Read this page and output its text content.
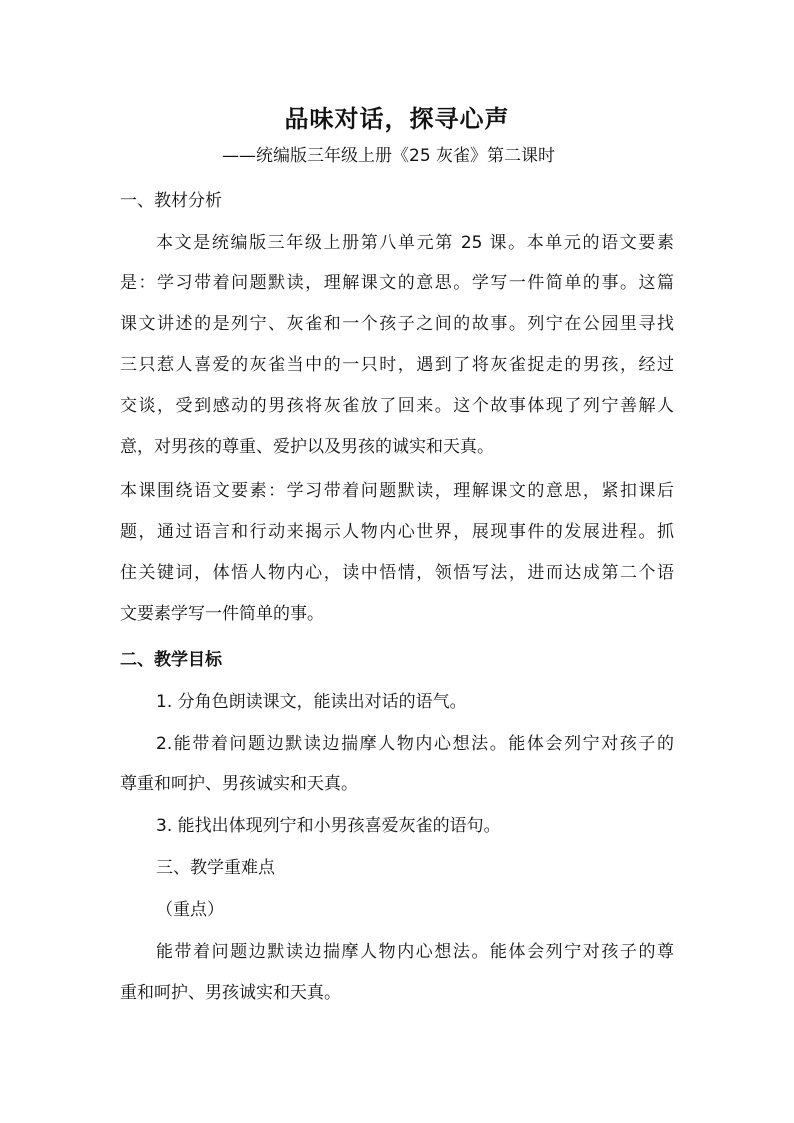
品味对话，探寻心声
——统编版三年级上册《25 灰雀》第二课时
一、教材分析
本文是统编版三年级上册第八单元第 25 课。本单元的语文要素
是：学习带着问题默读，理解课文的意思。学写一件简单的事。这篇
课文讲述的是列宁、灰雀和一个孩子之间的故事。列宁在公园里寻找
三只惹人喜爱的灰雀当中的一只时，遇到了将灰雀捉走的男孩，经过
交谈，受到感动的男孩将灰雀放了回来。这个故事体现了列宁善解人
意，对男孩的尊重、爱护以及男孩的诚实和天真。
本课围绕语文要素：学习带着问题默读，理解课文的意思，紧扣课后
题，通过语言和行动来揭示人物内心世界，展现事件的发展进程。抓
住关键词，体悟人物内心，读中悟情，领悟写法，进而达成第二个语
文要素学写一件简单的事。
二、教学目标
1. 分角色朗读课文，能读出对话的语气。
2.能带着问题边默读边揣摩人物内心想法。能体会列宁对孩子的
尊重和呵护、男孩诚实和天真。
3. 能找出体现列宁和小男孩喜爱灰雀的语句。
三、教学重难点
（重点）
能带着问题边默读边揣摩人物内心想法。能体会列宁对孩子的尊
重和呵护、男孩诚实和天真。
